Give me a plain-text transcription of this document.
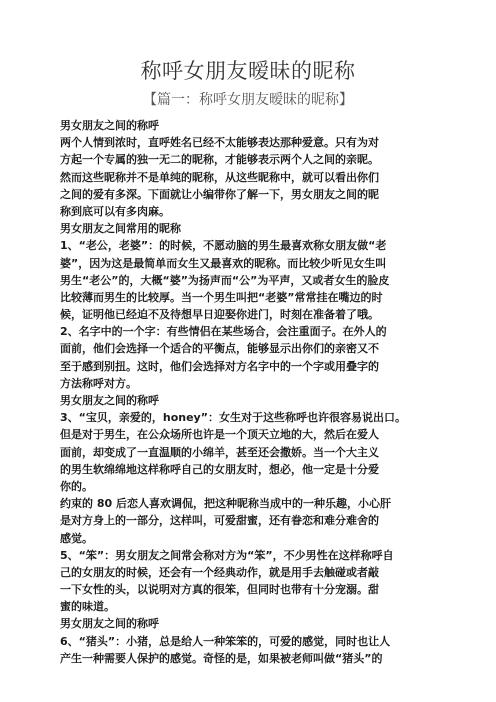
称呼女朋友暧昧的昵称
【篇一：称呼女朋友暧昧的昵称】
男女朋友之间的称呼
两个人情到浓时，直呼姓名已经不太能够表达那种爱意。只有为对
方起一个专属的独一无二的昵称，才能够表示两个人之间的亲昵。
然而这些昵称并不是单纯的昵称，从这些昵称中，就可以看出你们
之间的爱有多深。下面就让小编带你了解一下，男女朋友之间的昵
称到底可以有多肉麻。
男女朋友之间常用的昵称
1、“老公，老婆”：的时候，不愿动脑的男生最喜欢称女朋友做“老
婆”，因为这是最简单而女生又最喜欢的昵称。而比较少听见女生叫
男生“老公”的，大概“婆”为扬声而“公”为平声，又或者女生的脸皮
比较薄而男生的比较厚。当一个男生叫把“老婆”常常挂在嘴边的时
候，证明他已经迫不及待想早日迎娶你进门，时刻在准备着了哦。
2、名字中的一个字：有些情侣在某些场合，会注重面子。在外人的
面前，他们会选择一个适合的平衡点，能够显示出你们的亲密又不
至于感到别扭。这时，他们会选择对方名字中的一个字或用叠字的
方法称呼对方。
男女朋友之间的称呼
3、“宝贝，亲爱的，honey”：女生对于这些称呼也许很容易说出口。
但是对于男生，在公众场所也许是一个顶天立地的大，然后在爱人
面前，却变成了一直温顺的小绵羊，甚至还会撒娇。当一个大主义
的男生软绵绵地这样称呼自己的女朋友时，想必，他一定是十分爱
你的。
约束的 80 后恋人喜欢调侃，把这种昵称当成中的一种乐趣，小心肝
是对方身上的一部分，这样叫，可爱甜蜜，还有眷恋和难分难舍的
感觉。
5、“笨”：男女朋友之间常会称对方为“笨”，不少男性在这样称呼自
己的女朋友的时候，还会有一个经典动作，就是用手去触碰或者敲
一下女性的头，以说明对方真的很笨，但同时也带有十分宠溺。甜
蜜的味道。
男女朋友之间的称呼
6、“猪头”：小猪，总是给人一种笨笨的，可爱的感觉，同时也让人
产生一种需要人保护的感觉。奇怪的是，如果被老师叫做“猪头”的
